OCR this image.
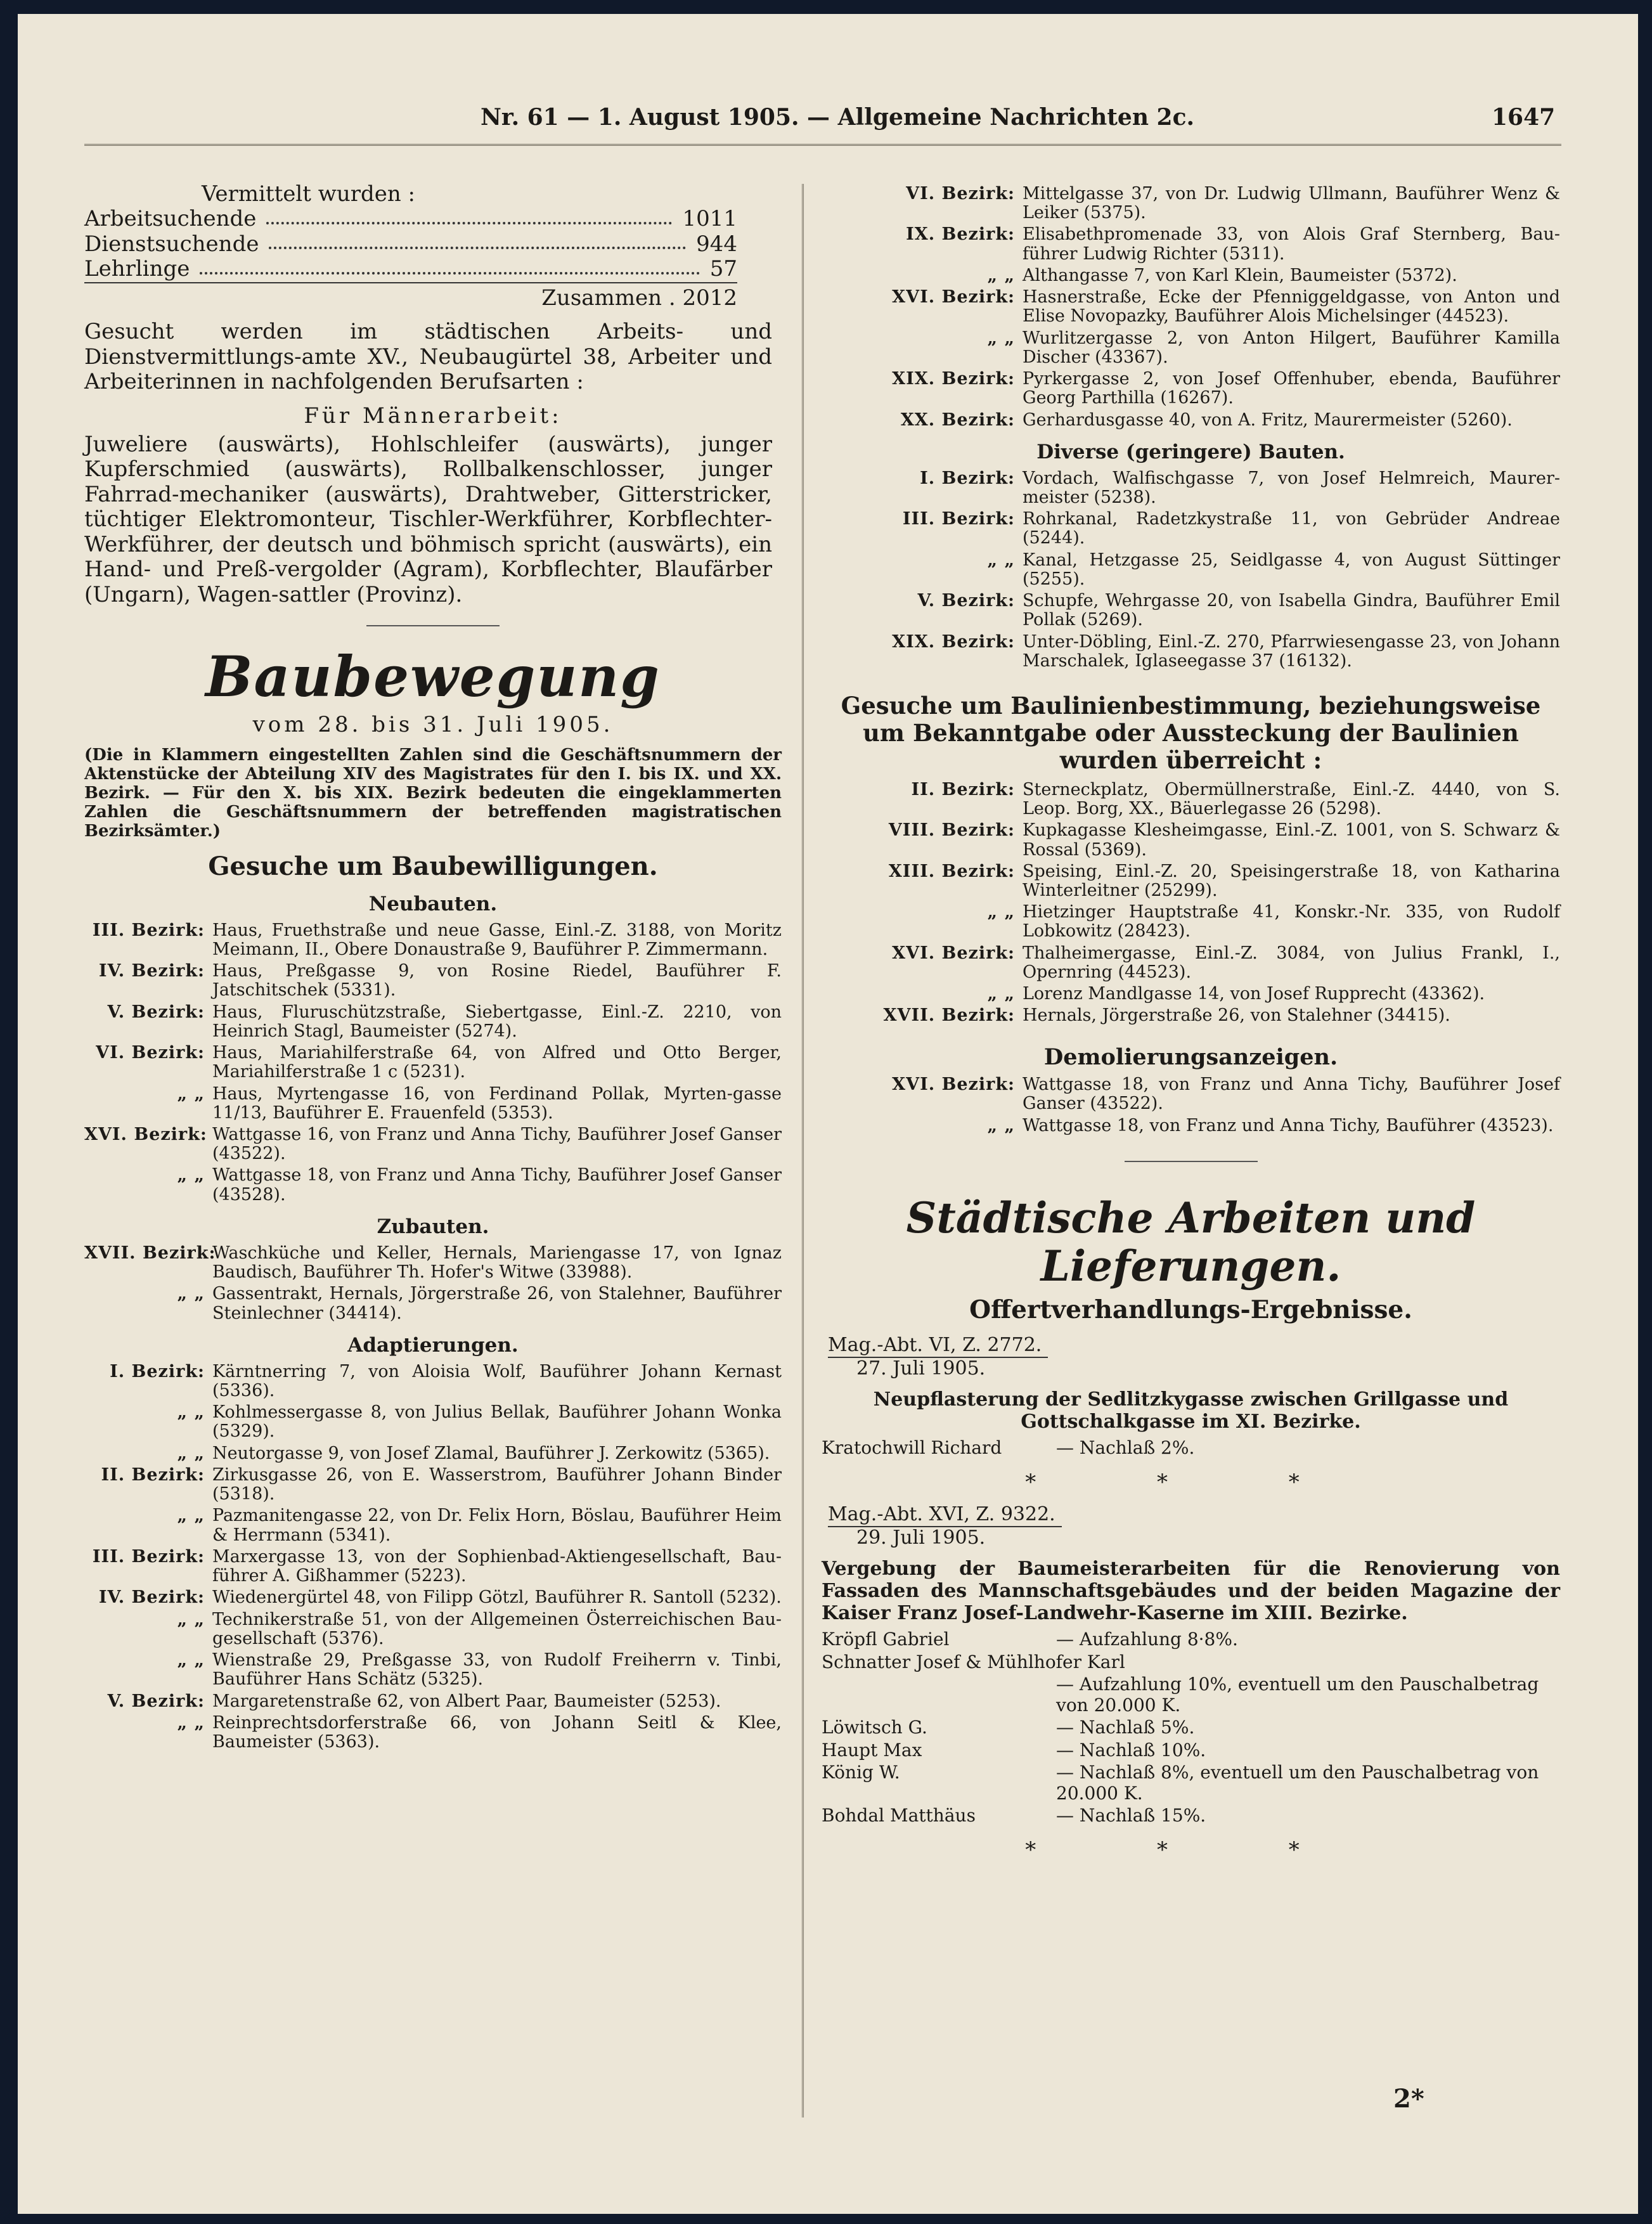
Nr. 61 — 1. August 1905. — Allgemeine Nachrichten 2c.	1647
Vermittelt wurden :
Arbeitsuchende	1011
Dienstsuchende	944
Lehrlinge	57
Zusammen . 2012
Gesucht werden im städtischen Arbeits- und Dienstvermittlungs-amte XV., Neubaugürtel 38, Arbeiter und Arbeiterinnen in nachfolgenden Berufsarten :
Für Männerarbeit:
Juweliere (auswärts), Hohlschleifer (auswärts), junger Kupferschmied (auswärts), Rollbalkenschlosser, junger Fahrrad-mechaniker (auswärts), Drahtweber, Gitterstricker, tüchtiger Elektromonteur, Tischler-Werkführer, Korbflechter-Werkführer, der deutsch und böhmisch spricht (auswärts), ein Hand- und Preß-vergolder (Agram), Korbflechter, Blaufärber (Ungarn), Wagen-sattler (Provinz).
Baubewegung
vom 28. bis 31. Juli 1905.
(Die in Klammern eingestellten Zahlen sind die Geschäftsnummern der Aktenstücke der Abteilung XIV des Magistrates für den I. bis IX. und XX. Bezirk. — Für den X. bis XIX. Bezirk bedeuten die eingeklammerten Zahlen die Geschäftsnummern der betreffenden magistratischen Bezirksämter.)
Gesuche um Baubewilligungen.
Neubauten.
III. Bezirk: Haus, Fruethstraße und neue Gasse, Einl.-Z. 3188, von Moritz Meimann, II., Obere Donaustraße 9, Bauführer P. Zimmermann.
IV. Bezirk: Haus, Preßgasse 9, von Rosine Riedel, Bauführer F. Jatschitschek (5331).
V. Bezirk: Haus, Fluruschützstraße, Siebertgasse, Einl.-Z. 2210, von Heinrich Stagl, Baumeister (5274).
VI. Bezirk: Haus, Mariahilferstraße 64, von Alfred und Otto Berger, Mariahilferstraße 1 c (5231).
„ „ Haus, Myrtengasse 16, von Ferdinand Pollak, Myrten-gasse 11/13, Bauführer E. Frauenfeld (5353).
XVI. Bezirk: Wattgasse 16, von Franz und Anna Tichy, Bauführer Josef Ganser (43522).
„ „ Wattgasse 18, von Franz und Anna Tichy, Bauführer Josef Ganser (43528).
Zubauten.
XVII. Bezirk:
Waschküche und Keller, Hernals, Mariengasse 17, von Ignaz Baudisch, Bauführer Th. Hofer's Witwe (33988).
„ „ Gassentrakt, Hernals, Jörgerstraße 26, von Stalehner, Bauführer Steinlechner (34414).
Adaptierungen.
I. Bezirk: Kärntnerring 7, von Aloisia Wolf, Bauführer Johann Kernast (5336).
„ „ Kohlmessergasse 8, von Julius Bellak, Bauführer Johann Wonka (5329).
„ „ Neutorgasse 9, von Josef Zlamal, Bauführer J. Zerkowitz (5365).
II. Bezirk: Zirkusgasse 26, von E. Wasserstrom, Bauführer Johann Binder (5318).
„ „ Pazmanitengasse 22, von Dr. Felix Horn, Böslau, Bauführer Heim & Herrmann (5341).
III. Bezirk: Marxergasse 13, von der Sophienbad-Aktiengesellschaft, Bau-führer A. Gißhammer (5223).
IV. Bezirk: Wiedenergürtel 48, von Filipp Götzl, Bauführer R. Santoll (5232).
„ „ Technikerstraße 51, von der Allgemeinen Österreichischen Bau-gesellschaft (5376).
„ „ Wienstraße 29, Preßgasse 33, von Rudolf Freiherrn v. Tinbi, Bauführer Hans Schätz (5325).
V. Bezirk: Margaretenstraße 62, von Albert Paar, Baumeister (5253).
„ „ Reinprechtsdorferstraße 66, von Johann Seitl & Klee, Baumeister (5363).
VI. Bezirk: Mittelgasse 37, von Dr. Ludwig Ullmann, Bauführer Wenz & Leiker (5375).
IX. Bezirk: Elisabethpromenade 33, von Alois Graf Sternberg, Bau-führer Ludwig Richter (5311).
„ „ Althangasse 7, von Karl Klein, Baumeister (5372).
XVI. Bezirk: Hasnerstraße, Ecke der Pfenniggeldgasse, von Anton und Elise Novopazky, Bauführer Alois Michelsinger (44523).
„ „ Wurlitzergasse 2, von Anton Hilgert, Bauführer Kamilla Discher (43367).
XIX. Bezirk: Pyrkergasse 2, von Josef Offenhuber, ebenda, Bauführer Georg Parthilla (16267).
XX. Bezirk: Gerhardusgasse 40, von A. Fritz, Maurermeister (5260).
Diverse (geringere) Bauten.
I. Bezirk: Vordach, Walfischgasse 7, von Josef Helmreich, Maurer-meister (5238).
III. Bezirk: Rohrkanal, Radetzkystraße 11, von Gebrüder Andreae (5244).
„ „ Kanal, Hetzgasse 25, Seidlgasse 4, von August Süttinger (5255).
V. Bezirk: Schupfe, Wehrgasse 20, von Isabella Gindra, Bauführer Emil Pollak (5269).
XIX. Bezirk: Unter-Döbling, Einl.-Z. 270, Pfarrwiesengasse 23, von Johann Marschalek, Iglaseegasse 37 (16132).
Gesuche um Baulinienbestimmung, beziehungsweise um Bekanntgabe oder Aussteckung der Baulinien wurden überreicht :
II. Bezirk: Sterneckplatz, Obermüllnerstraße, Einl.-Z. 4440, von S. Leop. Borg, XX., Bäuerlegasse 26 (5298).
VIII. Bezirk: Kupkagasse Klesheimgasse, Einl.-Z. 1001, von S. Schwarz & Rossal (5369).
XIII. Bezirk: Speising, Einl.-Z. 20, Speisingerstraße 18, von Katharina Winterleitner (25299).
„ „ Hietzinger Hauptstraße 41, Konskr.-Nr. 335, von Rudolf Lobkowitz (28423).
XVI. Bezirk: Thalheimergasse, Einl.-Z. 3084, von Julius Frankl, I., Opernring (44523).
„ „ Lorenz Mandlgasse 14, von Josef Rupprecht (43362).
XVII. Bezirk: Hernals, Jörgerstraße 26, von Stalehner (34415).
Demolierungsanzeigen.
XVI. Bezirk: Wattgasse 18, von Franz und Anna Tichy, Bauführer Josef Ganser (43522).
„ „ Wattgasse 18, von Franz und Anna Tichy, Bauführer (43523).
Städtische Arbeiten und Lieferungen.
Offertverhandlungs-Ergebnisse.
Mag.-Abt. VI, Z. 2772.
27. Juli 1905.
Neupflasterung der Sedlitzkygasse zwischen Grillgasse und Gottschalkgasse im XI. Bezirke.
Kratochwill Richard	— Nachlaß 2%.
* * *
Mag.-Abt. XVI, Z. 9322.
29. Juli 1905.
Vergebung der Baumeisterarbeiten für die Renovierung von Fassaden des Mannschaftsgebäudes und der beiden Magazine der Kaiser Franz Josef-Landwehr-Kaserne im XIII. Bezirke.
Kröpfl Gabriel	— Aufzahlung 8·8%.
Schnatter Josef & Mühlhofer Karl
— Aufzahlung 10%, eventuell um den Pauschalbetrag von 20.000 K.
Löwitsch G.	— Nachlaß 5%.
Haupt Max	— Nachlaß 10%.
König W.	— Nachlaß 8%, eventuell um den Pauschalbetrag von 20.000 K.
Bohdal Matthäus	— Nachlaß 15%.
* * *
2*
